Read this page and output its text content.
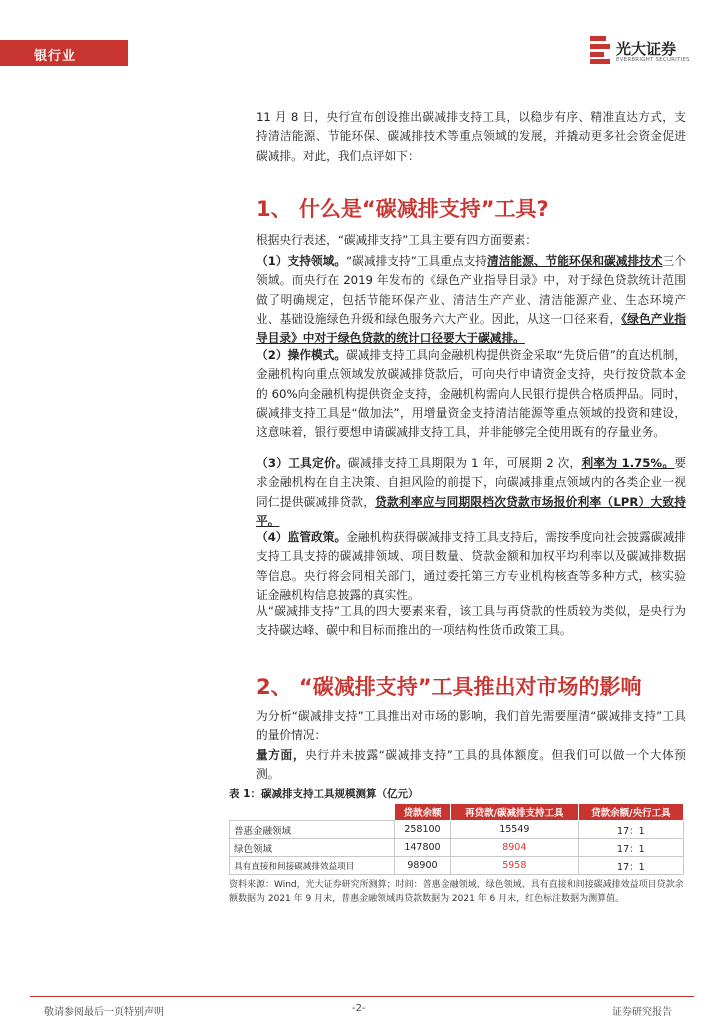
银行业	光大证券
EVERBRIGHT SECURITIES

11 月 8 日，央行宣布创设推出碳减排支持工具，以稳步有序、精准直达方式，支持清洁能源、节能环保、碳减排技术等重点领域的发展，并撬动更多社会资金促进碳减排。对此，我们点评如下：

1、 什么是“碳减排支持”工具?

根据央行表述，“碳减排支持”工具主要有四方面要素：

（1）支持领域。“碳减排支持”工具重点支持清洁能源、节能环保和碳减排技术三个领域。而央行在 2019 年发布的《绿色产业指导目录》中，对于绿色贷款统计范围做了明确规定，包括节能环保产业、清洁生产产业、清洁能源产业、生态环境产业、基础设施绿色升级和绿色服务六大产业。因此，从这一口径来看，《绿色产业指导目录》中对于绿色贷款的统计口径要大于碳减排。

（2）操作模式。碳减排支持工具向金融机构提供资金采取“先贷后借”的直达机制，金融机构向重点领域发放碳减排贷款后，可向央行申请资金支持，央行按贷款本金的 60%向金融机构提供资金支持，金融机构需向人民银行提供合格质押品。同时，碳减排支持工具是“做加法”，用增量资金支持清洁能源等重点领域的投资和建设，这意味着，银行要想申请碳减排支持工具，并非能够完全使用既有的存量业务。

（3）工具定价。碳减排支持工具期限为 1 年，可展期 2 次，利率为 1.75%。要求金融机构在自主决策、自担风险的前提下，向碳减排重点领域内的各类企业一视同仁提供碳减排贷款，贷款利率应与同期限档次贷款市场报价利率（LPR）大致持平。

（4）监管政策。金融机构获得碳减排支持工具支持后，需按季度向社会披露碳减排支持工具支持的碳减排领域、项目数量、贷款金额和加权平均利率以及碳减排数据等信息。央行将会同相关部门，通过委托第三方专业机构核查等多种方式，核实验证金融机构信息披露的真实性。

从“碳减排支持”工具的四大要素来看，该工具与再贷款的性质较为类似，是央行为支持碳达峰、碳中和目标而推出的一项结构性货币政策工具。

2、 “碳减排支持”工具推出对市场的影响

为分析“碳减排支持”工具推出对市场的影响，我们首先需要厘清“碳减排支持”工具的量价情况：

量方面，央行并未披露“碳减排支持”工具的具体额度。但我们可以做一个大体预测。

表 1：碳减排支持工具规模测算（亿元）
	贷款余额	再贷款/碳减排支持工具	贷款余额/央行工具
普惠金融领域	258100	15549	17：1
绿色领域	147800	8904	17：1
具有直接和间接碳减排效益项目	98900	5958	17：1

资料来源：Wind，光大证券研究所测算；时间：普惠金融领域、绿色领域、具有直接和间接碳减排效益项目贷款余额数据为 2021 年 9 月末，普惠金融领域再贷款数据为 2021 年 6 月末，红色标注数据为测算值。

敬请参阅最后一页特别声明	-2-	证券研究报告
